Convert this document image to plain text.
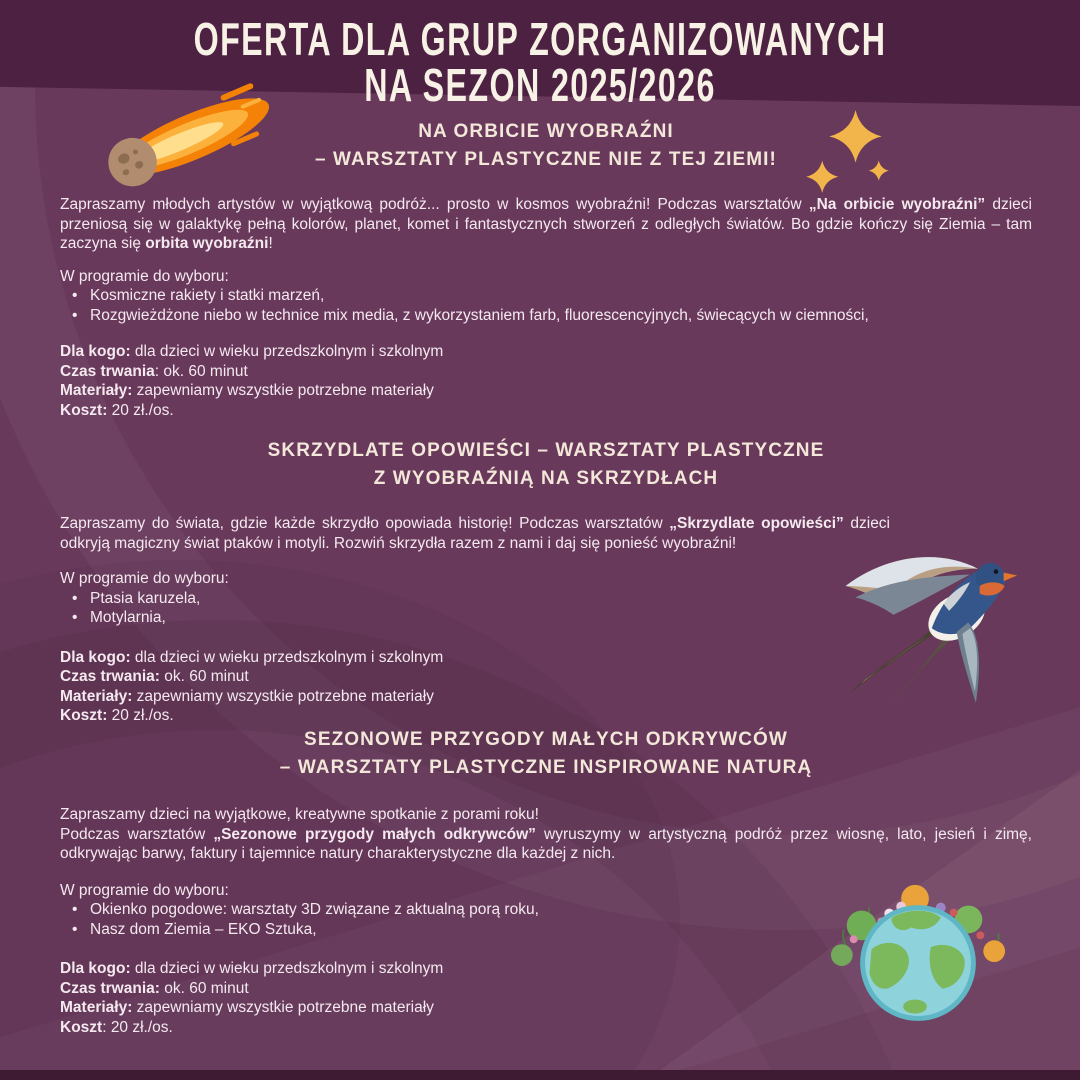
OFERTA DLA GRUP ZORGANIZOWANYCH
NA SEZON 2025/2026
NA ORBICIE WYOBRAŹNI
– WARSZTATY PLASTYCZNE NIE Z TEJ ZIEMI!

Zapraszamy młodych artystów w wyjątkową podróż... prosto w kosmos wyobraźni! Podczas warsztatów „Na orbicie wyobraźni” dzieci przeniosą się w galaktykę pełną kolorów, planet, komet i fantastycznych stworzeń z odległych światów. Bo gdzie kończy się Ziemia – tam zaczyna się orbita wyobraźni!

W programie do wyboru:
• Kosmiczne rakiety i statki marzeń,
• Rozgwieżdżone niebo w technice mix media, z wykorzystaniem farb, fluorescencyjnych, świecących w ciemności,
Dla kogo: dla dzieci w wieku przedszkolnym i szkolnym
Czas trwania: ok. 60 minut
Materiały: zapewniamy wszystkie potrzebne materiały
Koszt: 20 zł./os.
SKRZYDLATE OPOWIEŚCI – WARSZTATY PLASTYCZNE
Z WYOBRAŹNIĄ NA SKRZYDŁACH

Zapraszamy do świata, gdzie każde skrzydło opowiada historię! Podczas warsztatów „Skrzydlate opowieści” dzieci odkryją magiczny świat ptaków i motyli. Rozwiń skrzydła razem z nami i daj się ponieść wyobraźni!

W programie do wyboru:
• Ptasia karuzela,
• Motylarnia,
Dla kogo: dla dzieci w wieku przedszkolnym i szkolnym
Czas trwania: ok. 60 minut
Materiały: zapewniamy wszystkie potrzebne materiały
Koszt: 20 zł./os.
SEZONOWE PRZYGODY MAŁYCH ODKRYWCÓW
– WARSZTATY PLASTYCZNE INSPIROWANE NATURĄ

Zapraszamy dzieci na wyjątkowe, kreatywne spotkanie z porami roku!

Podczas warsztatów „Sezonowe przygody małych odkrywców” wyruszymy w artystyczną podróż przez wiosnę, lato, jesień i zimę, odkrywając barwy, faktury i tajemnice natury charakterystyczne dla każdej z nich.

W programie do wyboru:
• Okienko pogodowe: warsztaty 3D związane z aktualną porą roku,
• Nasz dom Ziemia – EKO Sztuka,
Dla kogo: dla dzieci w wieku przedszkolnym i szkolnym
Czas trwania: ok. 60 minut
Materiały: zapewniamy wszystkie potrzebne materiały
Koszt: 20 zł./os.
